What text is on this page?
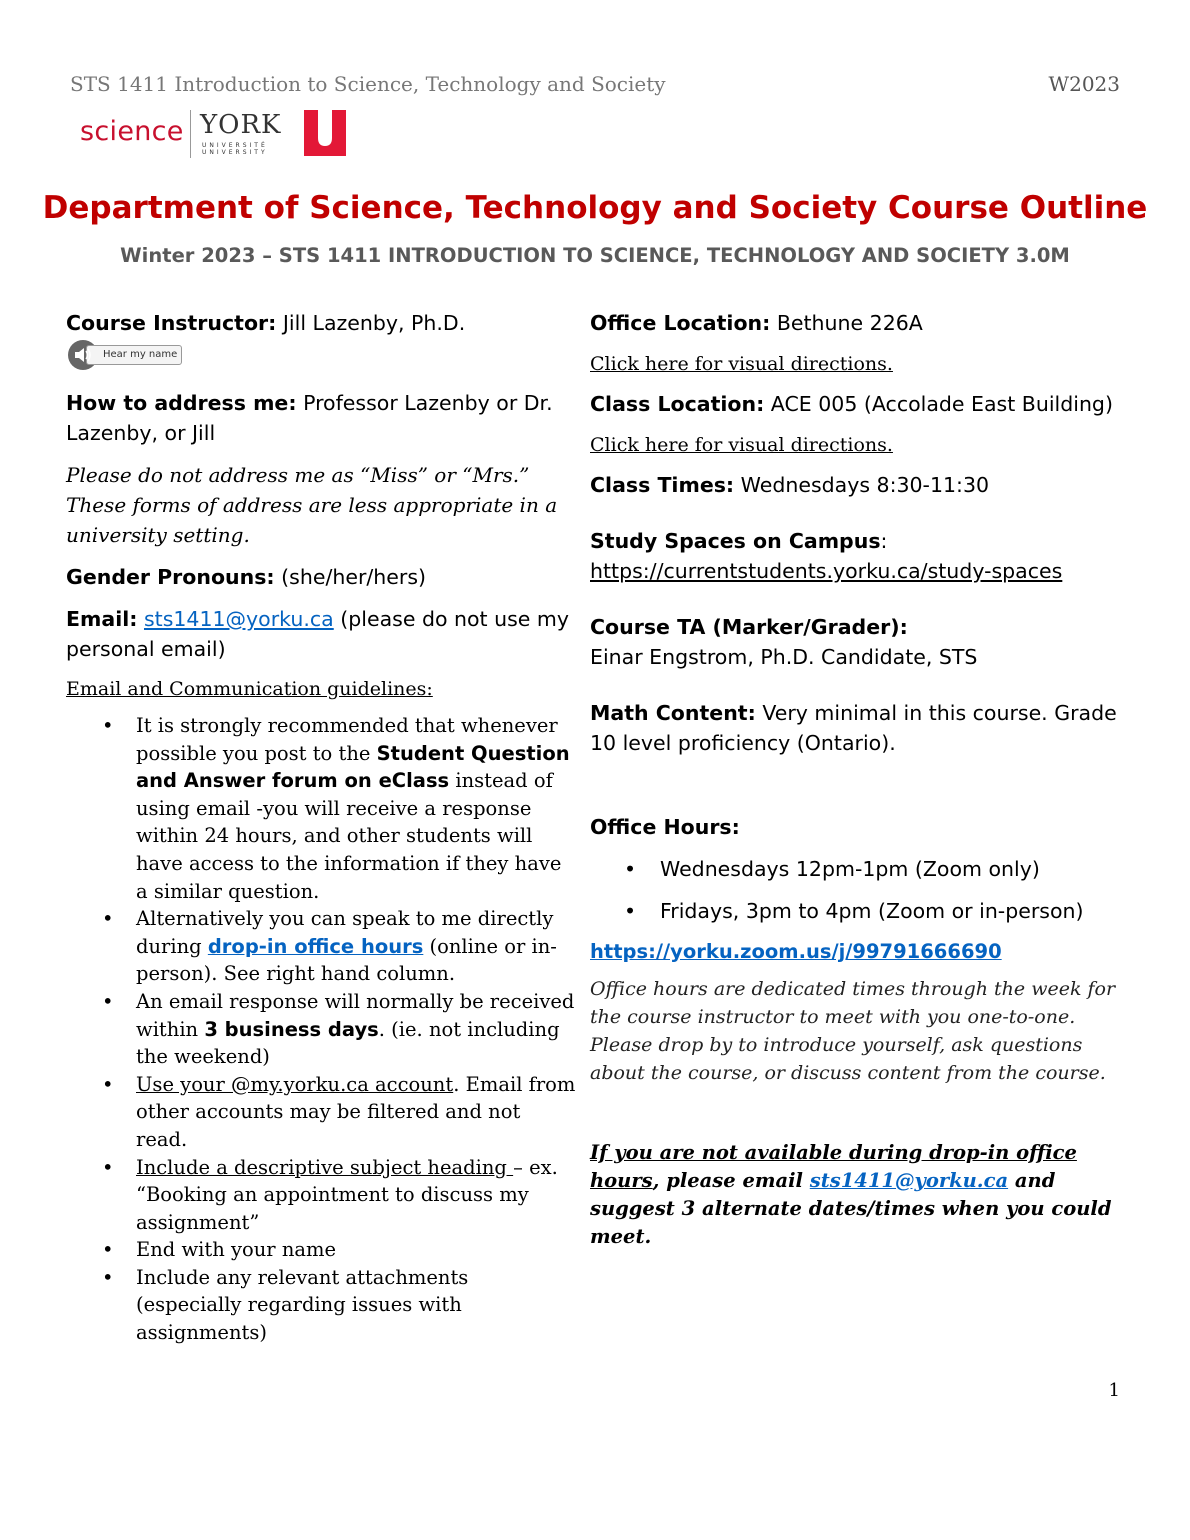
STS 1411 Introduction to Science, Technology and Society	W2023
science YORK
UNIVERSITÉ
UNIVERSITY
Department of Science, Technology and Society Course Outline
Winter 2023 – STS 1411 INTRODUCTION TO SCIENCE, TECHNOLOGY AND SOCIETY 3.0M
Course Instructor: Jill Lazenby, Ph.D.
Hear my name
How to address me: Professor Lazenby or Dr. Lazenby, or Jill
Please do not address me as “Miss” or “Mrs.” These forms of address are less appropriate in a university setting.
Gender Pronouns: (she/her/hers)
Email: sts1411@yorku.ca (please do not use my personal email)
Email and Communication guidelines:
• It is strongly recommended that whenever possible you post to the Student Question and Answer forum on eClass instead of using email -you will receive a response within 24 hours, and other students will have access to the information if they have a similar question.
• Alternatively you can speak to me directly during drop-in office hours (online or in-person). See right hand column.
• An email response will normally be received within 3 business days. (ie. not including the weekend)
• Use your @my.yorku.ca account. Email from other accounts may be filtered and not read.
• Include a descriptive subject heading – ex. “Booking an appointment to discuss my assignment”
• End with your name
• Include any relevant attachments (especially regarding issues with assignments)
Office Location: Bethune 226A
Click here for visual directions.
Class Location: ACE 005 (Accolade East Building)
Click here for visual directions.
Class Times: Wednesdays 8:30-11:30
Study Spaces on Campus:
https://currentstudents.yorku.ca/study-spaces
Course TA (Marker/Grader):
Einar Engstrom, Ph.D. Candidate, STS
Math Content: Very minimal in this course. Grade 10 level proficiency (Ontario).
Office Hours:
• Wednesdays 12pm-1pm (Zoom only)
• Fridays, 3pm to 4pm (Zoom or in-person)
https://yorku.zoom.us/j/99791666690
Office hours are dedicated times through the week for the course instructor to meet with you one-to-one. Please drop by to introduce yourself, ask questions about the course, or discuss content from the course.
If you are not available during drop-in office hours, please email sts1411@yorku.ca and suggest 3 alternate dates/times when you could meet.
1
